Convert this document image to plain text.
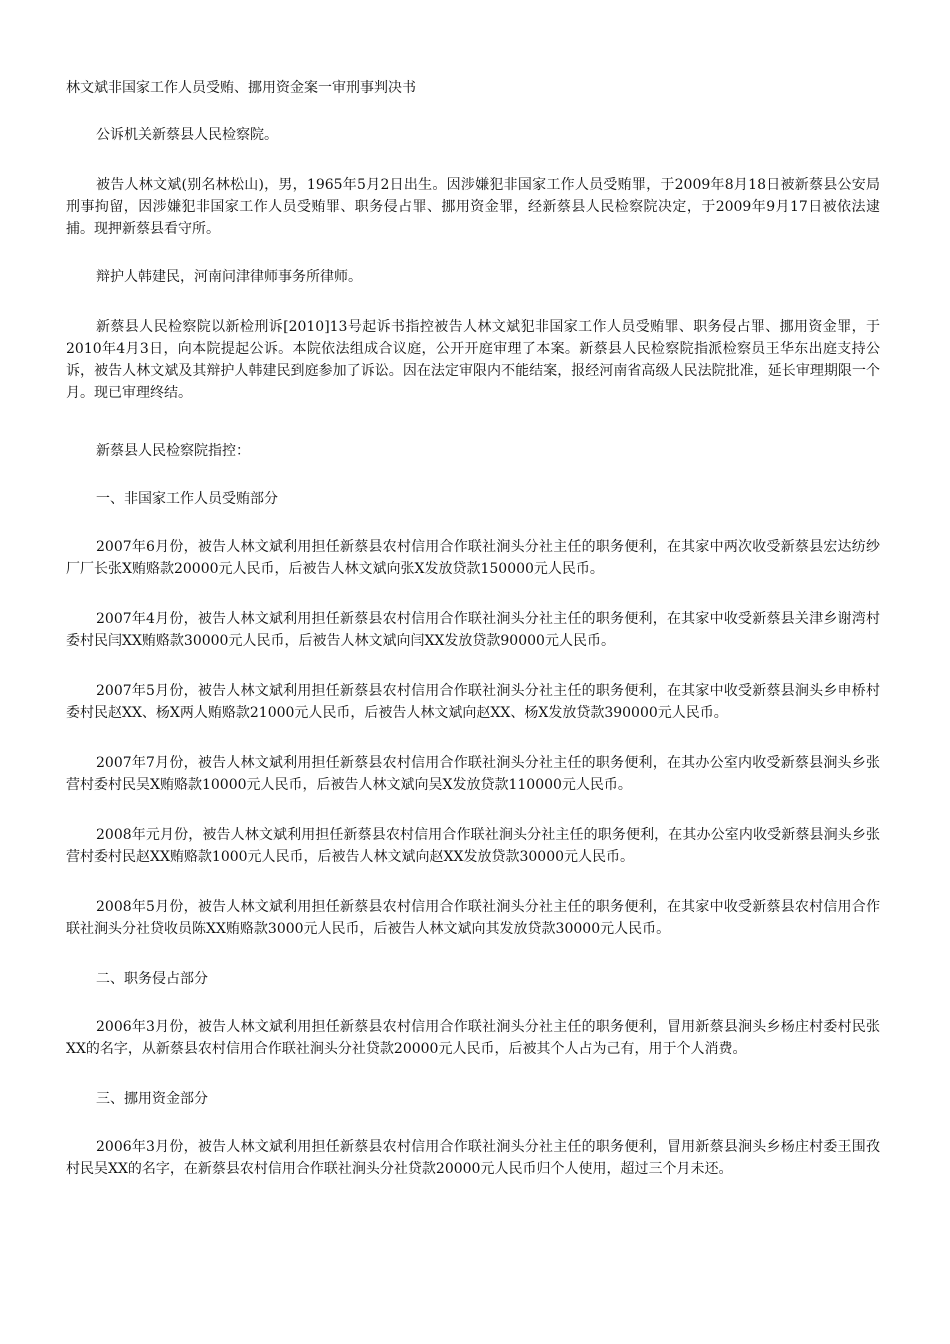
林文斌非国家工作人员受贿、挪用资金案一审刑事判决书

公诉机关新蔡县人民检察院。

被告人林文斌(别名林松山)，男，1965年5月2日出生。因涉嫌犯非国家工作人员受贿罪，于2009年8月18日被新蔡县公安局刑事拘留，因涉嫌犯非国家工作人员受贿罪、职务侵占罪、挪用资金罪，经新蔡县人民检察院决定，于2009年9月17日被依法逮捕。现押新蔡县看守所。

辩护人韩建民，河南问津律师事务所律师。

新蔡县人民检察院以新检刑诉[2010]13号起诉书指控被告人林文斌犯非国家工作人员受贿罪、职务侵占罪、挪用资金罪，于2010年4月3日，向本院提起公诉。本院依法组成合议庭，公开开庭审理了本案。新蔡县人民检察院指派检察员王华东出庭支持公诉，被告人林文斌及其辩护人韩建民到庭参加了诉讼。因在法定审限内不能结案，报经河南省高级人民法院批准，延长审理期限一个月。现已审理终结。

新蔡县人民检察院指控：

一、非国家工作人员受贿部分

2007年6月份，被告人林文斌利用担任新蔡县农村信用合作联社涧头分社主任的职务便利，在其家中两次收受新蔡县宏达纺纱厂厂长张X贿赂款20000元人民币，后被告人林文斌向张X发放贷款150000元人民币。

2007年4月份，被告人林文斌利用担任新蔡县农村信用合作联社涧头分社主任的职务便利，在其家中收受新蔡县关津乡谢湾村委村民闫XX贿赂款30000元人民币，后被告人林文斌向闫XX发放贷款90000元人民币。

2007年5月份，被告人林文斌利用担任新蔡县农村信用合作联社涧头分社主任的职务便利，在其家中收受新蔡县涧头乡申桥村委村民赵XX、杨X两人贿赂款21000元人民币，后被告人林文斌向赵XX、杨X发放贷款390000元人民币。

2007年7月份，被告人林文斌利用担任新蔡县农村信用合作联社涧头分社主任的职务便利，在其办公室内收受新蔡县涧头乡张营村委村民吴X贿赂款10000元人民币，后被告人林文斌向吴X发放贷款110000元人民币。

2008年元月份，被告人林文斌利用担任新蔡县农村信用合作联社涧头分社主任的职务便利，在其办公室内收受新蔡县涧头乡张营村委村民赵XX贿赂款1000元人民币，后被告人林文斌向赵XX发放贷款30000元人民币。

2008年5月份，被告人林文斌利用担任新蔡县农村信用合作联社涧头分社主任的职务便利，在其家中收受新蔡县农村信用合作联社涧头分社贷收员陈XX贿赂款3000元人民币，后被告人林文斌向其发放贷款30000元人民币。

二、职务侵占部分

2006年3月份，被告人林文斌利用担任新蔡县农村信用合作联社涧头分社主任的职务便利，冒用新蔡县涧头乡杨庄村委村民张XX的名字，从新蔡县农村信用合作联社涧头分社贷款20000元人民币，后被其个人占为己有，用于个人消费。

三、挪用资金部分

2006年3月份，被告人林文斌利用担任新蔡县农村信用合作联社涧头分社主任的职务便利，冒用新蔡县涧头乡杨庄村委王围孜村民吴XX的名字，在新蔡县农村信用合作联社涧头分社贷款20000元人民币归个人使用，超过三个月未还。
